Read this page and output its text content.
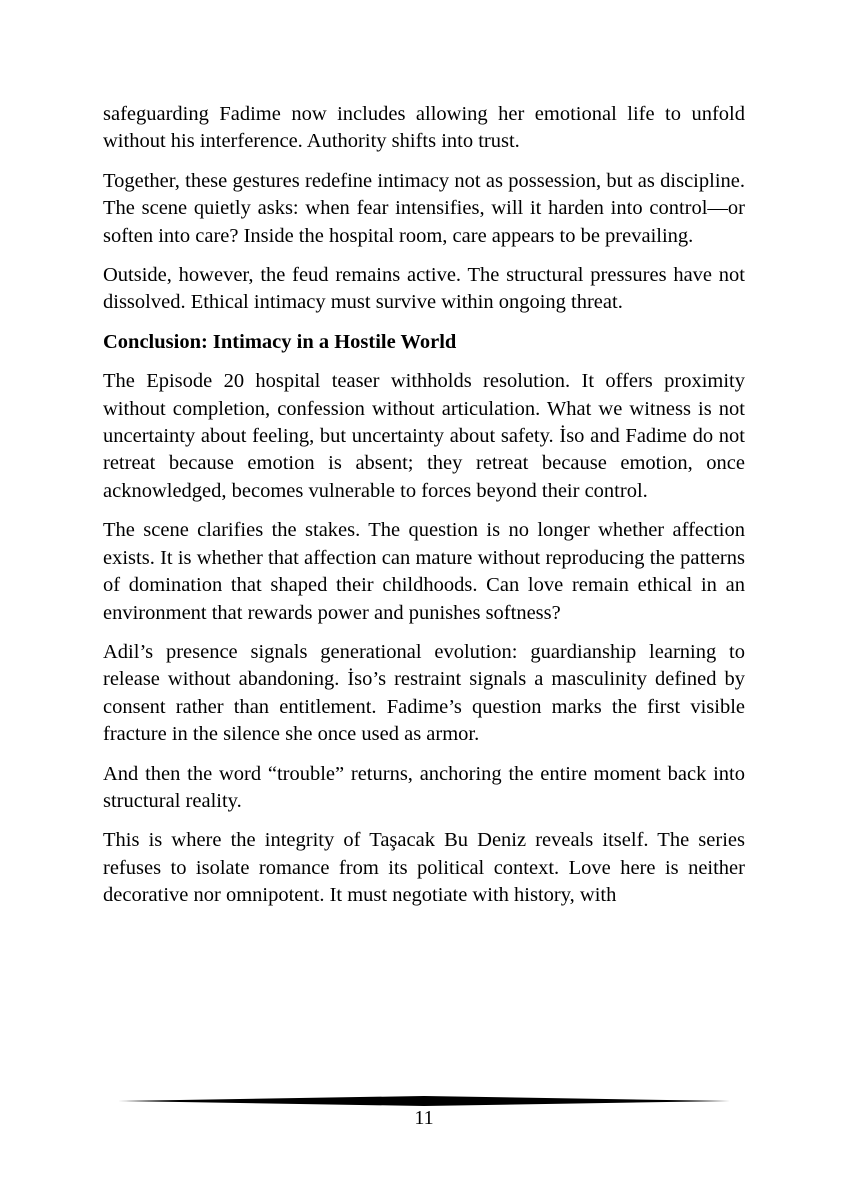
safeguarding Fadime now includes allowing her emotional life to unfold without his interference. Authority shifts into trust.

Together, these gestures redefine intimacy not as possession, but as discipline. The scene quietly asks: when fear intensifies, will it harden into control—or soften into care? Inside the hospital room, care appears to be prevailing.

Outside, however, the feud remains active. The structural pressures have not dissolved. Ethical intimacy must survive within ongoing threat.

Conclusion: Intimacy in a Hostile World

The Episode 20 hospital teaser withholds resolution. It offers proximity without completion, confession without articulation. What we witness is not uncertainty about feeling, but uncertainty about safety. İso and Fadime do not retreat because emotion is absent; they retreat because emotion, once acknowledged, becomes vulnerable to forces beyond their control.

The scene clarifies the stakes. The question is no longer whether affection exists. It is whether that affection can mature without reproducing the patterns of domination that shaped their childhoods. Can love remain ethical in an environment that rewards power and punishes softness?

Adil’s presence signals generational evolution: guardianship learning to release without abandoning. İso’s restraint signals a masculinity defined by consent rather than entitlement. Fadime’s question marks the first visible fracture in the silence she once used as armor.

And then the word “trouble” returns, anchoring the entire moment back into structural reality.

This is where the integrity of Taşacak Bu Deniz reveals itself. The series refuses to isolate romance from its political context. Love here is neither decorative nor omnipotent. It must negotiate with history, with

11
